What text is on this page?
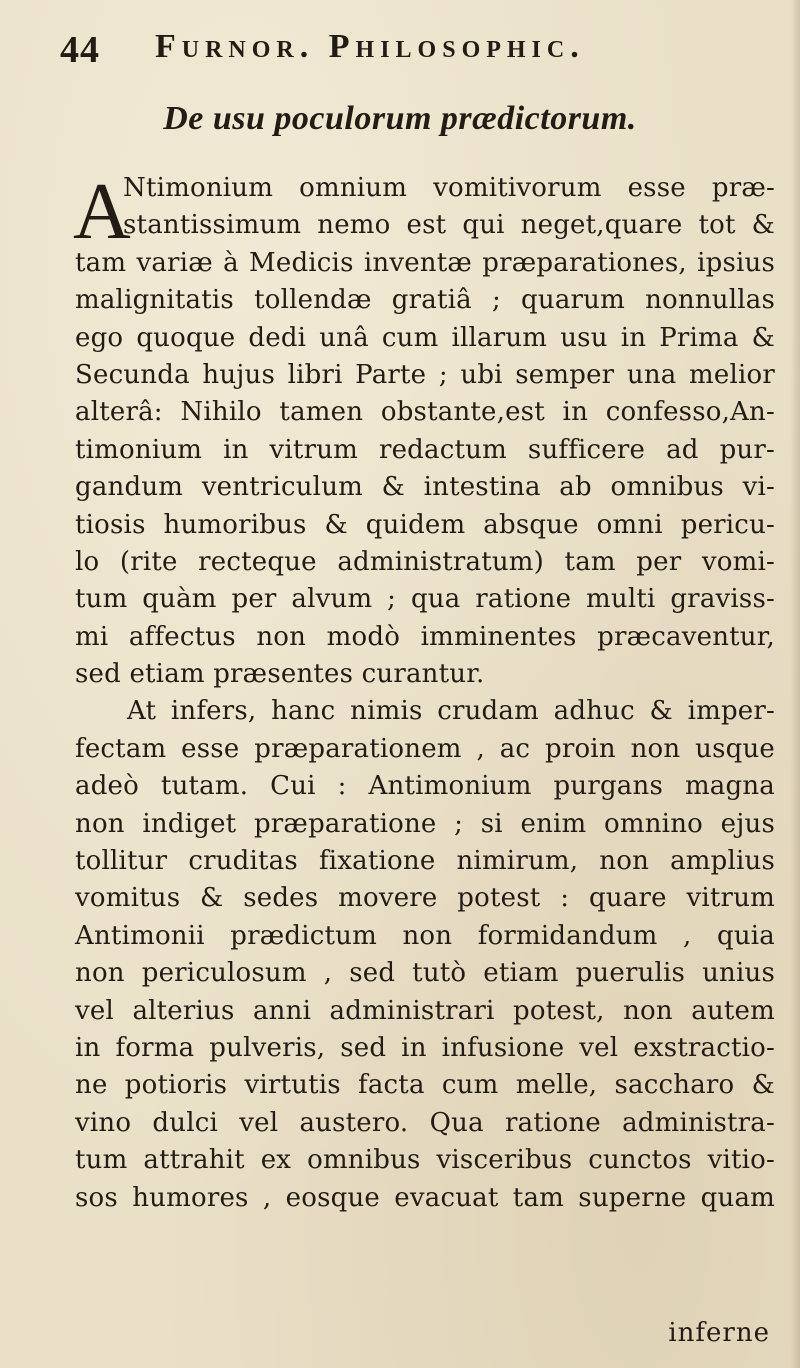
44 Furnor. Philosophic.
De usu poculorum prædictorum.
A
Ntimonium omnium vomitivorum esse præ-
stantissimum nemo est qui neget,quare tot &
tam variæ à Medicis inventæ præparationes, ipsius
malignitatis tollendæ gratiâ ; quarum nonnullas
ego quoque dedi unâ cum illarum usu in Prima &
Secunda hujus libri Parte ; ubi semper una melior
alterâ: Nihilo tamen obstante,est in confesso,An-
timonium in vitrum redactum sufficere ad pur-
gandum ventriculum & intestina ab omnibus vi-
tiosis humoribus & quidem absque omni pericu-
lo (rite recteque administratum) tam per vomi-
tum quàm per alvum ; qua ratione multi graviss-
mi affectus non modò imminentes præcaventur,
sed etiam præsentes curantur.
At infers, hanc nimis crudam adhuc & imper-
fectam esse præparationem , ac proin non usque
adeò tutam. Cui : Antimonium purgans magna
non indiget præparatione ; si enim omnino ejus
tollitur cruditas fixatione nimirum, non amplius
vomitus & sedes movere potest : quare vitrum
Antimonii prædictum non formidandum , quia
non periculosum , sed tutò etiam puerulis unius
vel alterius anni administrari potest, non autem
in forma pulveris, sed in infusione vel exstractio-
ne potioris virtutis facta cum melle, saccharo &
vino dulci vel austero. Qua ratione administra-
tum attrahit ex omnibus visceribus cunctos vitio-
sos humores , eosque evacuat tam superne quam
inferne
